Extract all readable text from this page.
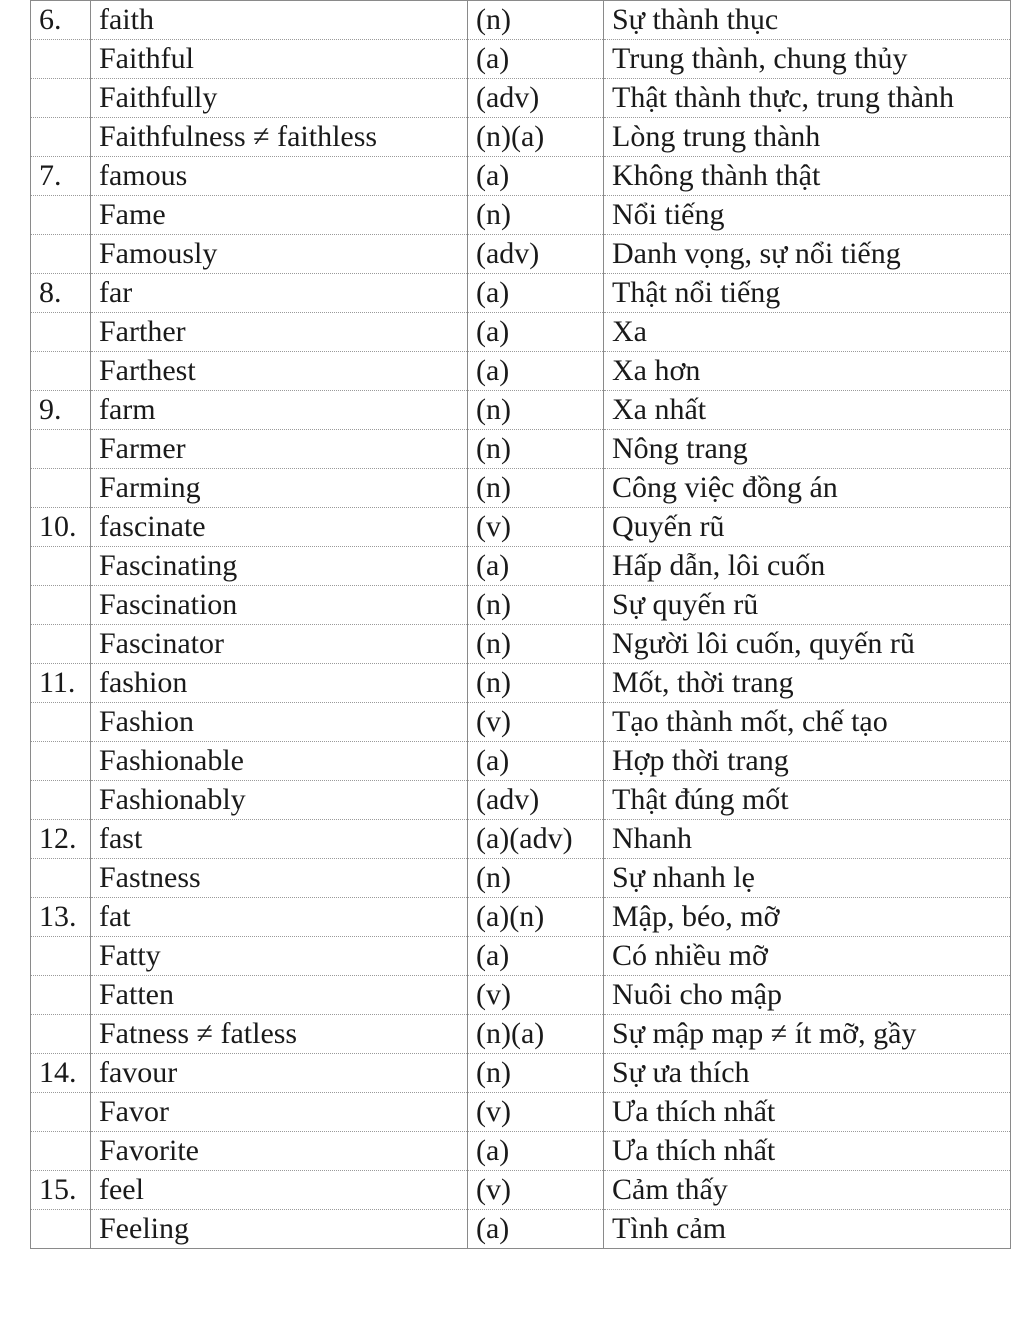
6.	faith	(n)	Sự thành thục
	Faithful	(a)	Trung thành, chung thủy
	Faithfully	(adv)	Thật thành thực, trung thành
	Faithfulness ≠ faithless	(n)(a)	Lòng trung thành
7.	famous	(a)	Không thành thật
	Fame	(n)	Nổi tiếng
	Famously	(adv)	Danh vọng, sự nổi tiếng
8.	far	(a)	Thật nổi tiếng
	Farther	(a)	Xa
	Farthest	(a)	Xa hơn
9.	farm	(n)	Xa nhất
	Farmer	(n)	Nông trang
	Farming	(n)	Công việc đồng án
10.	fascinate	(v)	Quyến rũ
	Fascinating	(a)	Hấp dẫn, lôi cuốn
	Fascination	(n)	Sự quyến rũ
	Fascinator	(n)	Người lôi cuốn, quyến rũ
11.	fashion	(n)	Mốt, thời trang
	Fashion	(v)	Tạo thành mốt, chế tạo
	Fashionable	(a)	Hợp thời trang
	Fashionably	(adv)	Thật đúng mốt
12.	fast	(a)(adv)	Nhanh
	Fastness	(n)	Sự nhanh lẹ
13.	fat	(a)(n)	Mập, béo, mỡ
	Fatty	(a)	Có nhiều mỡ
	Fatten	(v)	Nuôi cho mập
	Fatness ≠ fatless	(n)(a)	Sự mập mạp ≠ ít mỡ, gầy
14.	favour	(n)	Sự ưa thích
	Favor	(v)	Ưa thích nhất
	Favorite	(a)	Ưa thích nhất
15.	feel	(v)	Cảm thấy
	Feeling	(a)	Tình cảm
